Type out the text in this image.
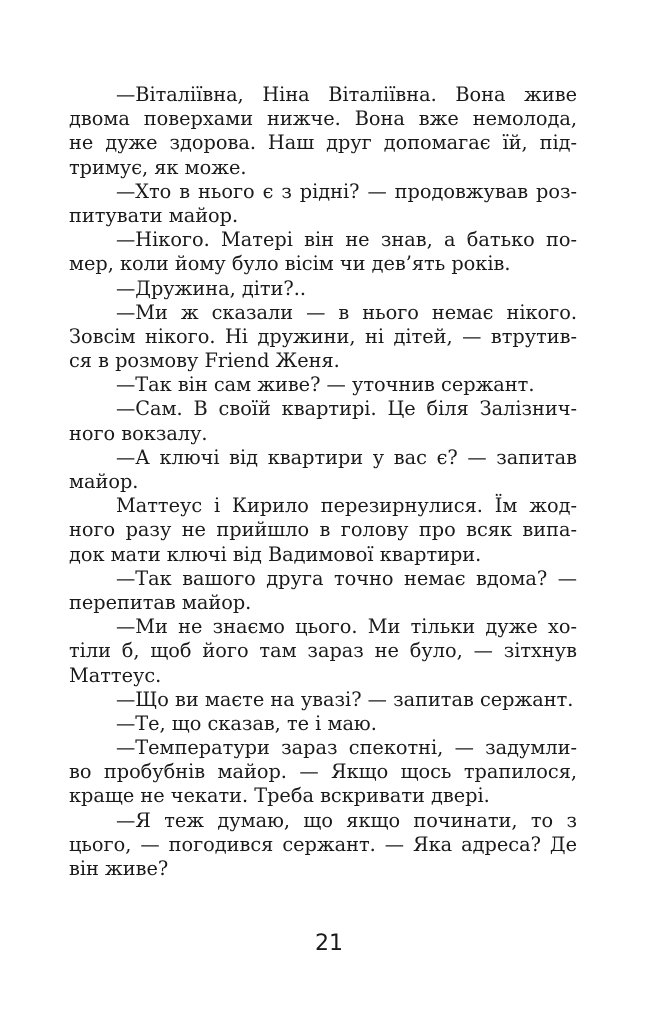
—Віталіївна, Ніна Віталіївна. Вона живе
двома поверхами нижче. Вона вже немолода,
не дуже здорова. Наш друг допомагає їй, під-
тримує, як може.
—Хто в нього є з рідні? — продовжував роз-
питувати майор.
—Нікого. Матері він не знав, а батько по-
мер, коли йому було вісім чи дев’ять років.
—Дружина, діти?..
—Ми ж сказали — в нього немає нікого.
Зовсім нікого. Ні дружини, ні дітей, — втрутив-
ся в розмову Friend Женя.
—Так він сам живе? — уточнив сержант.
—Сам. В своїй квартирі. Це біля Залізнич-
ного вокзалу.
—А ключі від квартири у вас є? — запитав
майор.
Маттеус і Кирило перезирнулися. Їм жод-
ного разу не прийшло в голову про всяк випа-
док мати ключі від Вадимової квартири.
—Так вашого друга точно немає вдома? —
перепитав майор.
—Ми не знаємо цього. Ми тільки дуже хо-
тіли б, щоб його там зараз не було, — зітхнув
Маттеус.
—Що ви маєте на увазі? — запитав сержант.
—Те, що сказав, те і маю.
—Температури зараз спекотні, — задумли-
во пробубнів майор. — Якщо щось трапилося,
краще не чекати. Треба вскривати двері.
—Я теж думаю, що якщо починати, то з
цього, — погодився сержант. — Яка адреса? Де
він живе?
21
